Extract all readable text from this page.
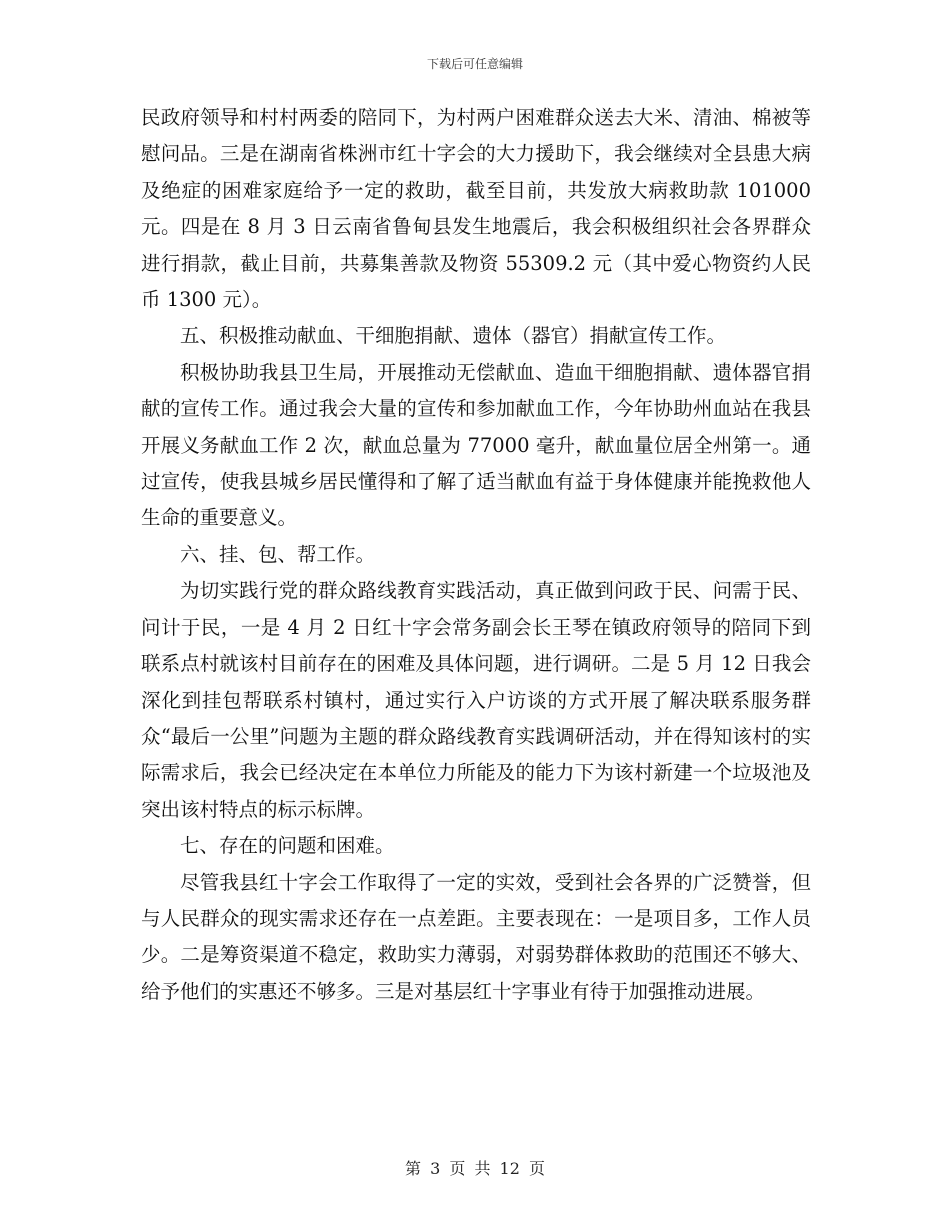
下载后可任意编辑

民政府领导和村村两委的陪同下，为村两户困难群众送去大米、清油、棉被等慰问品。三是在湖南省株洲市红十字会的大力援助下，我会继续对全县患大病及绝症的困难家庭给予一定的救助，截至目前，共发放大病救助款 101000 元。四是在 8 月 3 日云南省鲁甸县发生地震后，我会积极组织社会各界群众进行捐款，截止目前，共募集善款及物资 55309.2 元（其中爱心物资约人民币 1300 元）。

五、积极推动献血、干细胞捐献、遗体（器官）捐献宣传工作。

积极协助我县卫生局，开展推动无偿献血、造血干细胞捐献、遗体器官捐献的宣传工作。通过我会大量的宣传和参加献血工作，今年协助州血站在我县开展义务献血工作 2 次，献血总量为 77000 毫升，献血量位居全州第一。通过宣传，使我县城乡居民懂得和了解了适当献血有益于身体健康并能挽救他人生命的重要意义。

六、挂、包、帮工作。

为切实践行党的群众路线教育实践活动，真正做到问政于民、问需于民、问计于民，一是 4 月 2 日红十字会常务副会长王琴在镇政府领导的陪同下到联系点村就该村目前存在的困难及具体问题，进行调研。二是 5 月 12 日我会深化到挂包帮联系村镇村，通过实行入户访谈的方式开展了解决联系服务群众“最后一公里”问题为主题的群众路线教育实践调研活动，并在得知该村的实际需求后，我会已经决定在本单位力所能及的能力下为该村新建一个垃圾池及突出该村特点的标示标牌。

七、存在的问题和困难。

尽管我县红十字会工作取得了一定的实效，受到社会各界的广泛赞誉，但与人民群众的现实需求还存在一点差距。主要表现在：一是项目多，工作人员少。二是筹资渠道不稳定，救助实力薄弱，对弱势群体救助的范围还不够大、给予他们的实惠还不够多。三是对基层红十字事业有待于加强推动进展。

第 3 页 共 12 页
